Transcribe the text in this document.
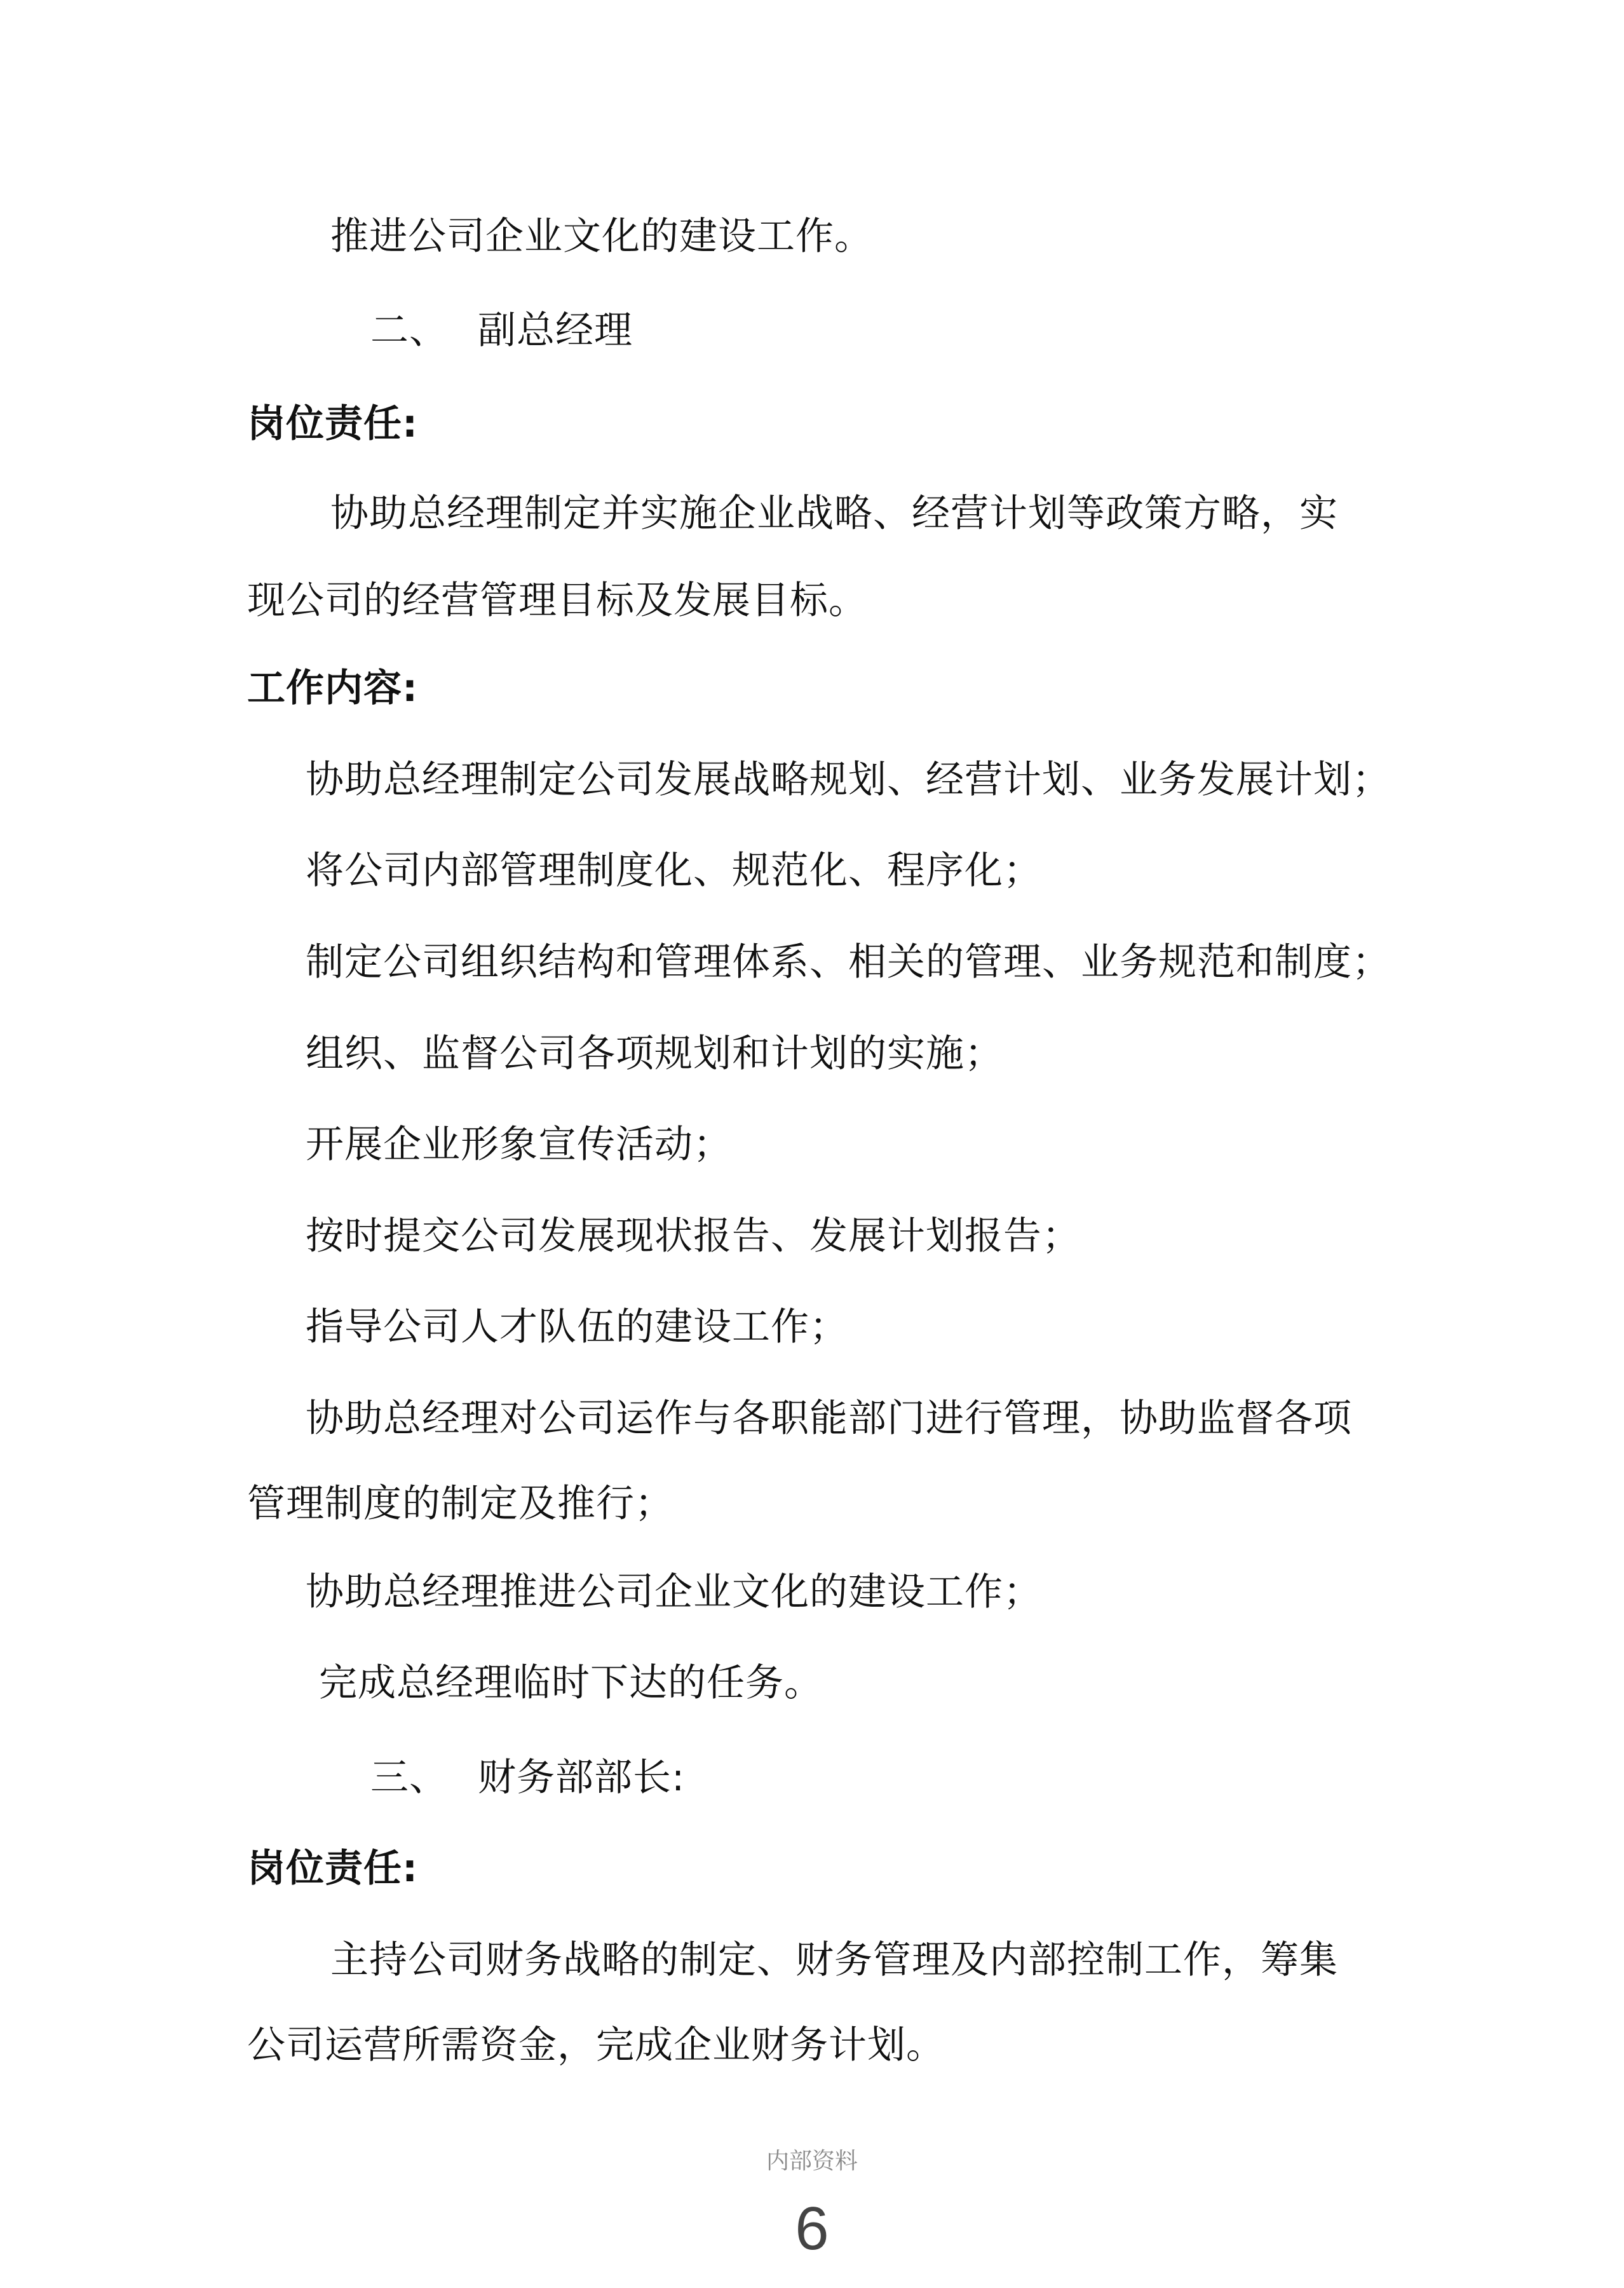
推进公司企业文化的建设工作。
二、 副总经理
岗位责任:
协助总经理制定并实施企业战略、经营计划等政策方略，实
现公司的经营管理目标及发展目标。
工作内容:
协助总经理制定公司发展战略规划、经营计划、业务发展计划；
将公司内部管理制度化、规范化、程序化；
制定公司组织结构和管理体系、相关的管理、业务规范和制度；
组织、监督公司各项规划和计划的实施；
开展企业形象宣传活动；
按时提交公司发展现状报告、发展计划报告；
指导公司人才队伍的建设工作；
协助总经理对公司运作与各职能部门进行管理，协助监督各项
管理制度的制定及推行；
协助总经理推进公司企业文化的建设工作；
完成总经理临时下达的任务。
三、 财务部部长:
岗位责任:
主持公司财务战略的制定、财务管理及内部控制工作，筹集
公司运营所需资金，完成企业财务计划。
内部资料
6
